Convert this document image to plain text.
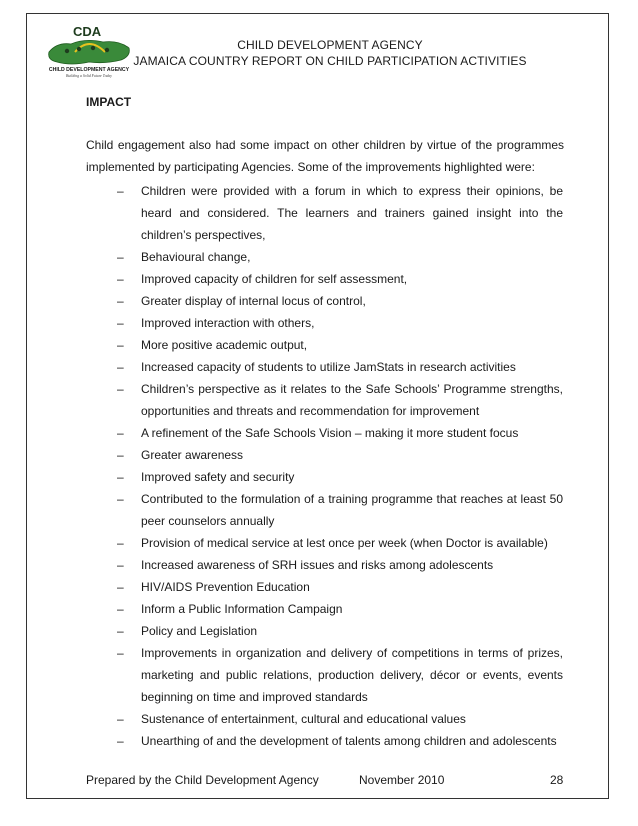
CDA
CHILD DEVELOPMENT AGENCY
Building a Solid Future Today
CHILD DEVELOPMENT AGENCY
JAMAICA COUNTRY REPORT ON CHILD PARTICIPATION ACTIVITIES
IMPACT

Child engagement also had some impact on other children by virtue of the programmes

implemented by participating Agencies. Some of the improvements highlighted were:

– Children were provided with a forum in which to express their opinions, be heard and considered. The learners and trainers gained insight into the children’s perspectives,
– Behavioural change,
– Improved capacity of children for self assessment,
– Greater display of internal locus of control,
– Improved interaction with others,
– More positive academic output,
– Increased capacity of students to utilize JamStats in research activities
– Children’s perspective as it relates to the Safe Schools’ Programme strengths, opportunities and threats and recommendation for improvement
– A refinement of the Safe Schools Vision – making it more student focus
– Greater awareness
– Improved safety and security
– Contributed to the formulation of a training programme that reaches at least 50 peer counselors annually
– Provision of medical service at lest once per week (when Doctor is available)
– Increased awareness of SRH issues and risks among adolescents
– HIV/AIDS Prevention Education
– Inform a Public Information Campaign
– Policy and Legislation
– Improvements in organization and delivery of competitions in terms of prizes, marketing and public relations, production delivery, décor or events, events beginning on time and improved standards
– Sustenance of entertainment, cultural and educational values
– Unearthing of and the development of talents among children and adolescents
Prepared by the Child Development Agency	November 2010	28
